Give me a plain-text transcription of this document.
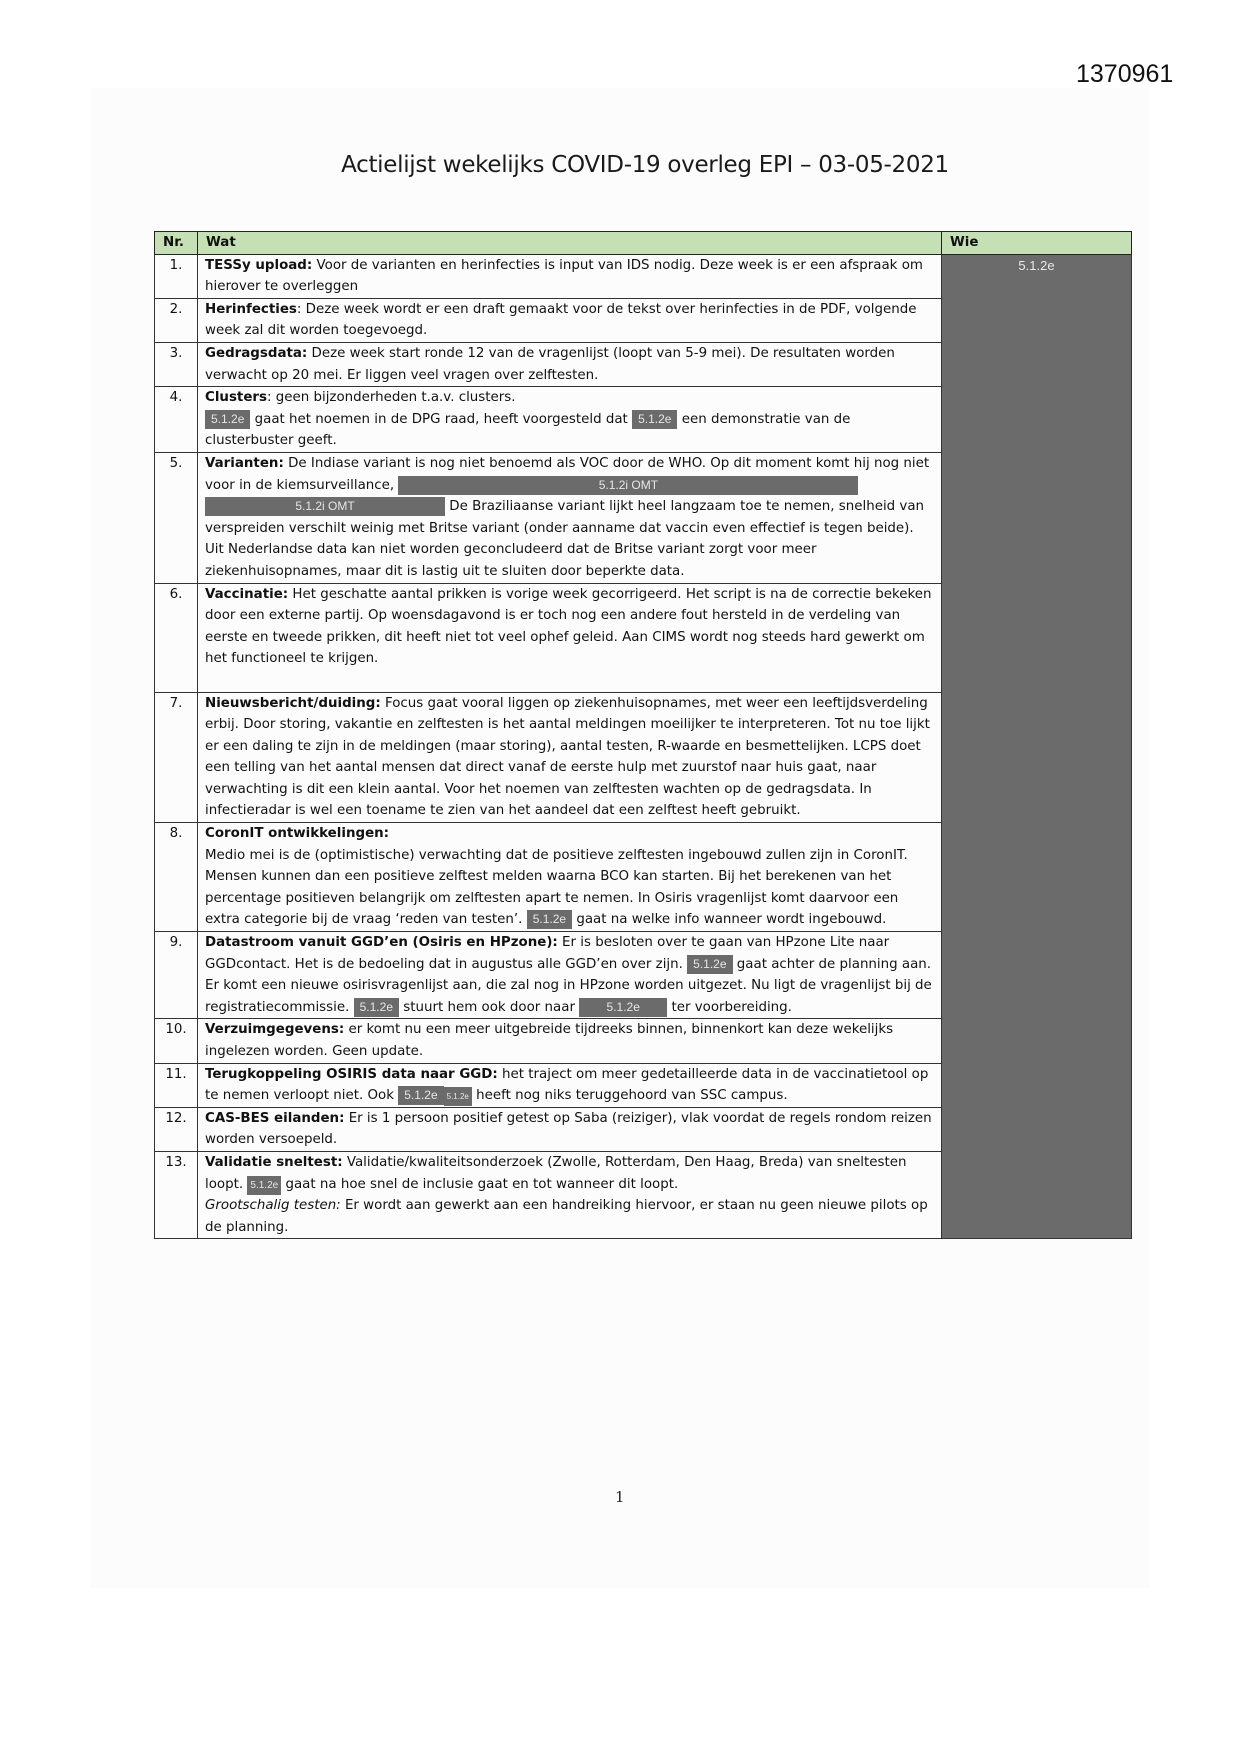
1370961
Actielijst wekelijks COVID-19 overleg EPI – 03-05-2021
Nr.	Wat	Wie
1.	TESSy upload: Voor de varianten en herinfecties is input van IDS nodig. Deze week is er een afspraak om hierover te overleggen	5.1.2e
2.	Herinfecties: Deze week wordt er een draft gemaakt voor de tekst over herinfecties in de PDF, volgende week zal dit worden toegevoegd.	
3.	Gedragsdata: Deze week start ronde 12 van de vragenlijst (loopt van 5-9 mei). De resultaten worden verwacht op 20 mei. Er liggen veel vragen over zelftesten.	
4.	Clusters: geen bijzonderheden t.a.v. clusters.
5.1.2e gaat het noemen in de DPG raad, heeft voorgesteld dat 5.1.2e een demonstratie van de clusterbuster geeft.	
5.	Varianten: De Indiase variant is nog niet benoemd als VOC door de WHO. Op dit moment komt hij nog niet voor in de kiemsurveillance, 5.1.2i OMT
5.1.2i OMT De Braziliaanse variant lijkt heel langzaam toe te nemen, snelheid van verspreiden verschilt weinig met Britse variant (onder aanname dat vaccin even effectief is tegen beide). Uit Nederlandse data kan niet worden geconcludeerd dat de Britse variant zorgt voor meer ziekenhuisopnames, maar dit is lastig uit te sluiten door beperkte data.	
6.	Vaccinatie: Het geschatte aantal prikken is vorige week gecorrigeerd. Het script is na de correctie bekeken door een externe partij. Op woensdagavond is er toch nog een andere fout hersteld in de verdeling van eerste en tweede prikken, dit heeft niet tot veel ophef geleid. Aan CIMS wordt nog steeds hard gewerkt om het functioneel te krijgen.	
7.	Nieuwsbericht/duiding: Focus gaat vooral liggen op ziekenhuisopnames, met weer een leeftijdsverdeling erbij. Door storing, vakantie en zelftesten is het aantal meldingen moeilijker te interpreteren. Tot nu toe lijkt er een daling te zijn in de meldingen (maar storing), aantal testen, R-waarde en besmettelijken. LCPS doet een telling van het aantal mensen dat direct vanaf de eerste hulp met zuurstof naar huis gaat, naar verwachting is dit een klein aantal. Voor het noemen van zelftesten wachten op de gedragsdata. In infectieradar is wel een toename te zien van het aandeel dat een zelftest heeft gebruikt.	
8.	CoronIT ontwikkelingen:
Medio mei is de (optimistische) verwachting dat de positieve zelftesten ingebouwd zullen zijn in CoronIT. Mensen kunnen dan een positieve zelftest melden waarna BCO kan starten. Bij het berekenen van het percentage positieven belangrijk om zelftesten apart te nemen. In Osiris vragenlijst komt daarvoor een extra categorie bij de vraag ‘reden van testen’. 5.1.2e gaat na welke info wanneer wordt ingebouwd.	
9.	Datastroom vanuit GGD’en (Osiris en HPzone): Er is besloten over te gaan van HPzone Lite naar GGDcontact. Het is de bedoeling dat in augustus alle GGD’en over zijn. 5.1.2e gaat achter de planning aan.
Er komt een nieuwe osirisvragenlijst aan, die zal nog in HPzone worden uitgezet. Nu ligt de vragenlijst bij de registratiecommissie. 5.1.2e stuurt hem ook door naar 5.1.2e ter voorbereiding.	
10.	Verzuimgegevens: er komt nu een meer uitgebreide tijdreeks binnen, binnenkort kan deze wekelijks ingelezen worden. Geen update.	
11.	Terugkoppeling OSIRIS data naar GGD: het traject om meer gedetailleerde data in de vaccinatietool op te nemen verloopt niet. Ook 5.1.2e 5.1.2e heeft nog niks teruggehoord van SSC campus.	
12.	CAS-BES eilanden: Er is 1 persoon positief getest op Saba (reiziger), vlak voordat de regels rondom reizen worden versoepeld.	
13.	Validatie sneltest: Validatie/kwaliteitsonderzoek (Zwolle, Rotterdam, Den Haag, Breda) van sneltesten loopt. 5.1.2e gaat na hoe snel de inclusie gaat en tot wanneer dit loopt.
Grootschalig testen: Er wordt aan gewerkt aan een handreiking hiervoor, er staan nu geen nieuwe pilots op de planning.	
1
